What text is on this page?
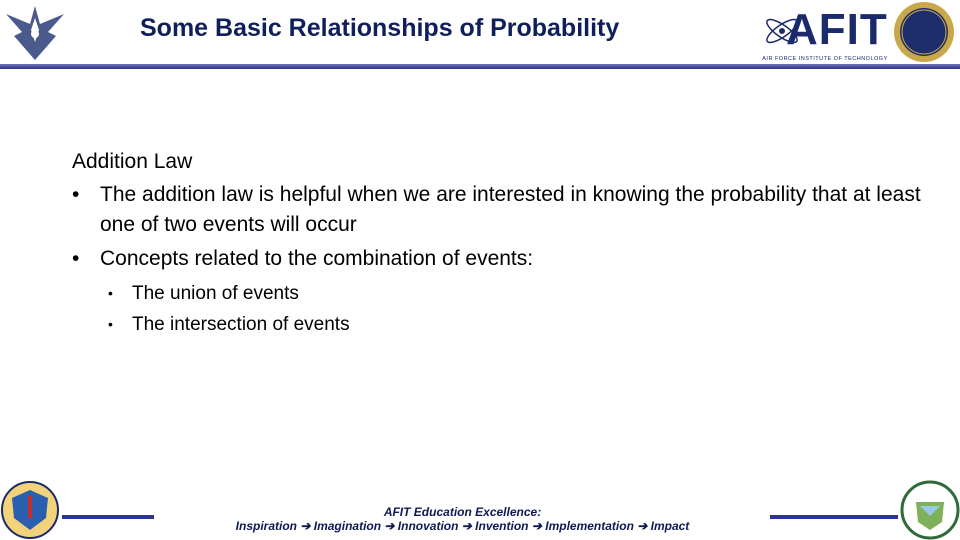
Some Basic Relationships of Probability	AFIT
AIR FORCE INSTITUTE OF TECHNOLOGY
Addition Law
• The addition law is helpful when we are interested in knowing the probability that at least one of two events will occur
• Concepts related to the combination of events:
• The union of events
• The intersection of events
AFIT Education Excellence:
Inspiration ➔ Imagination ➔ Innovation ➔ Invention ➔ Implementation ➔ Impact
